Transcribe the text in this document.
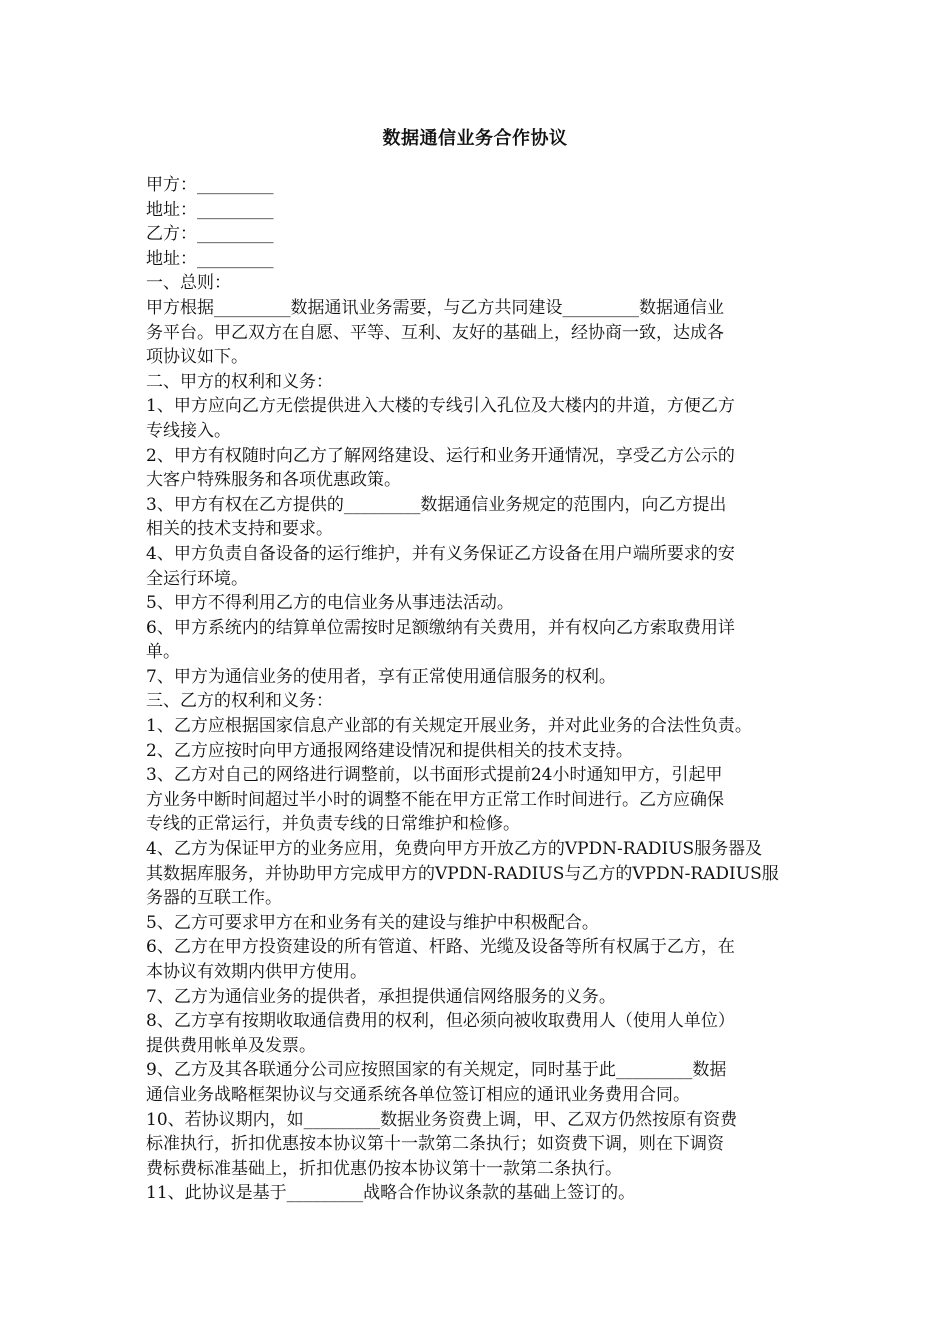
数据通信业务合作协议
甲方：_________
地址：_________
乙方：_________
地址：_________
一、总则：
甲方根据_________数据通讯业务需要，与乙方共同建设_________数据通信业
务平台。甲乙双方在自愿、平等、互利、友好的基础上，经协商一致，达成各
项协议如下。
二、甲方的权利和义务：
1、甲方应向乙方无偿提供进入大楼的专线引入孔位及大楼内的井道，方便乙方
专线接入。
2、甲方有权随时向乙方了解网络建设、运行和业务开通情况，享受乙方公示的
大客户特殊服务和各项优惠政策。
3、甲方有权在乙方提供的_________数据通信业务规定的范围内，向乙方提出
相关的技术支持和要求。
4、甲方负责自备设备的运行维护，并有义务保证乙方设备在用户端所要求的安
全运行环境。
5、甲方不得利用乙方的电信业务从事违法活动。
6、甲方系统内的结算单位需按时足额缴纳有关费用，并有权向乙方索取费用详
单。
7、甲方为通信业务的使用者，享有正常使用通信服务的权利。
三、乙方的权利和义务：
1、乙方应根据国家信息产业部的有关规定开展业务，并对此业务的合法性负责。
2、乙方应按时向甲方通报网络建设情况和提供相关的技术支持。
3、乙方对自己的网络进行调整前，以书面形式提前24小时通知甲方，引起甲
方业务中断时间超过半小时的调整不能在甲方正常工作时间进行。乙方应确保
专线的正常运行，并负责专线的日常维护和检修。
4、乙方为保证甲方的业务应用，免费向甲方开放乙方的VPDN-RADIUS服务器及
其数据库服务，并协助甲方完成甲方的VPDN-RADIUS与乙方的VPDN-RADIUS服
务器的互联工作。
5、乙方可要求甲方在和业务有关的建设与维护中积极配合。
6、乙方在甲方投资建设的所有管道、杆路、光缆及设备等所有权属于乙方，在
本协议有效期内供甲方使用。
7、乙方为通信业务的提供者，承担提供通信网络服务的义务。
8、乙方享有按期收取通信费用的权利，但必须向被收取费用人（使用人单位）
提供费用帐单及发票。
9、乙方及其各联通分公司应按照国家的有关规定，同时基于此_________数据
通信业务战略框架协议与交通系统各单位签订相应的通讯业务费用合同。
10、若协议期内，如_________数据业务资费上调，甲、乙双方仍然按原有资费
标准执行，折扣优惠按本协议第十一款第二条执行；如资费下调，则在下调资
费标费标准基础上，折扣优惠仍按本协议第十一款第二条执行。
11、此协议是基于_________战略合作协议条款的基础上签订的。
